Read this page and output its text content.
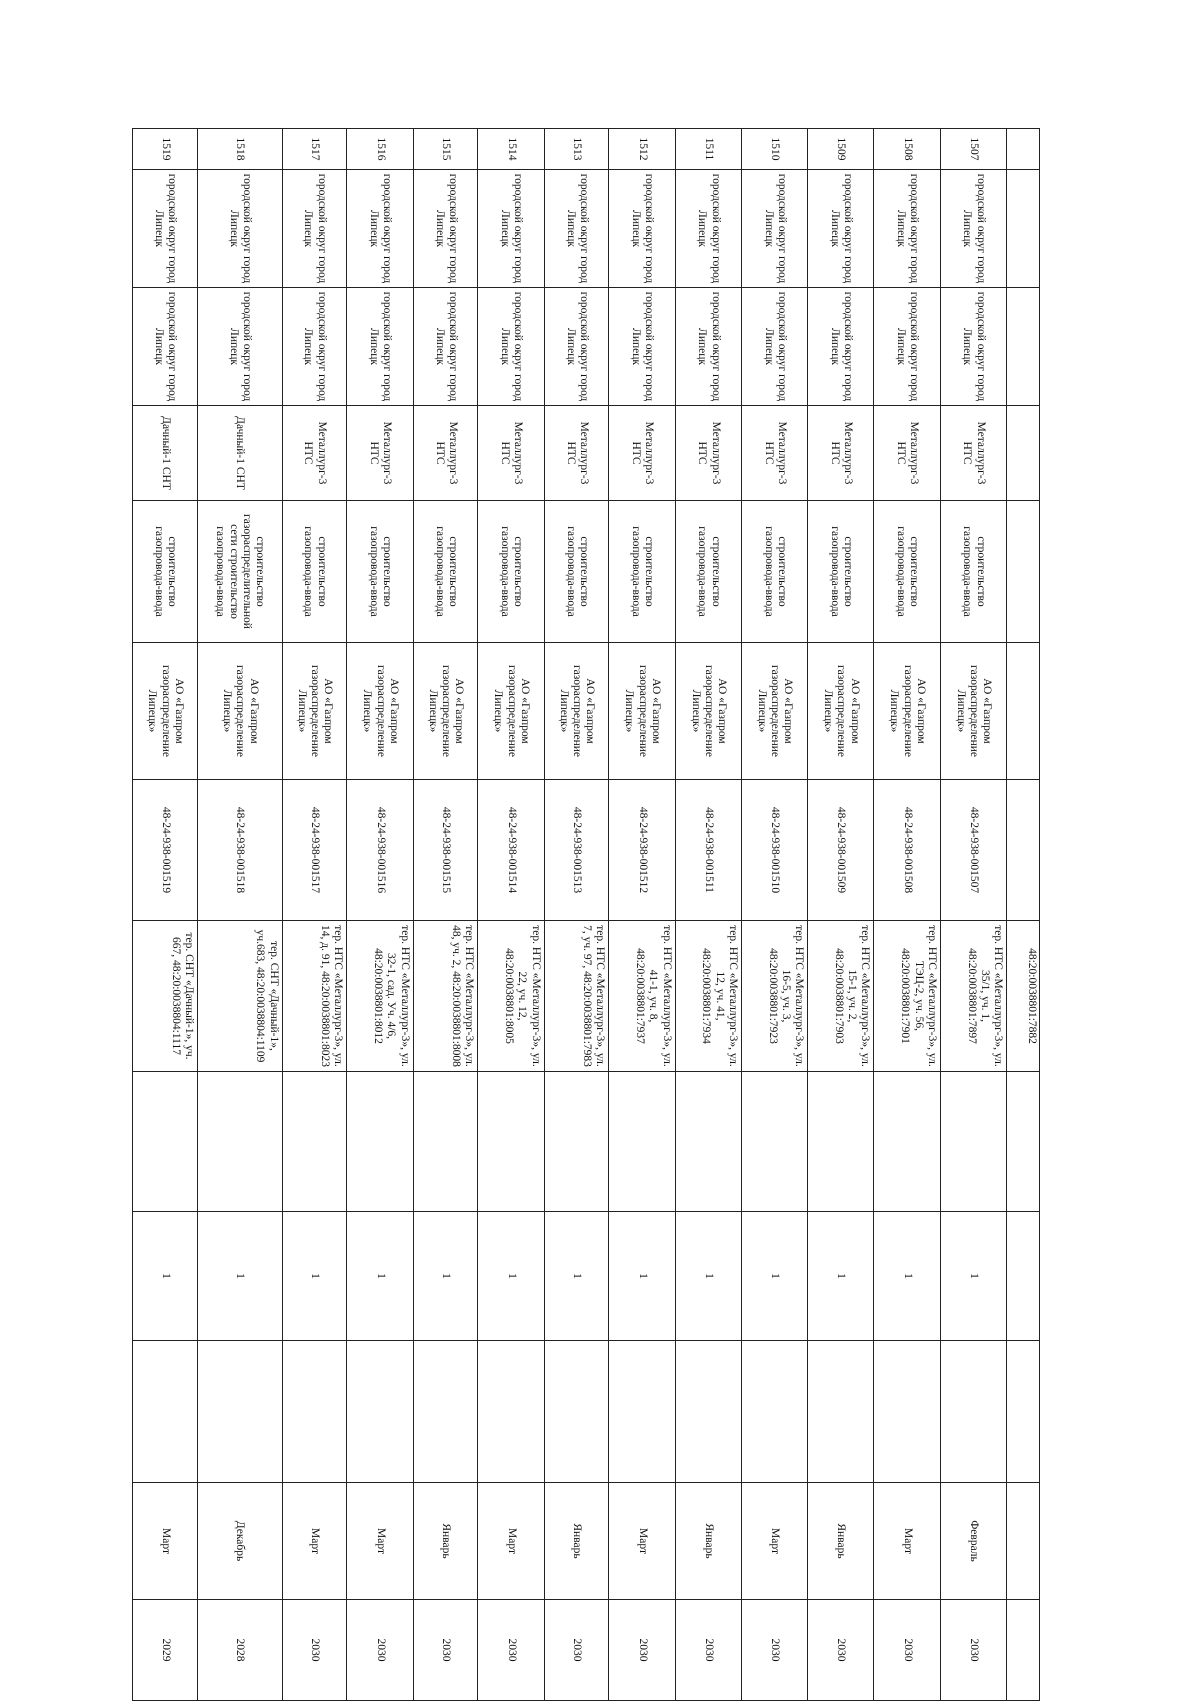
							48:20:0038801:7882					
1507	городской округ город Липецк	городской округ город Липецк	Металлург-3 НТС	строительство газопровода-ввода	АО «Газпром газораспределение Липецк»	48-24-938-001507	тер. НТС «Металлург-3», ул. 35/1, уч. 1, 48:20:0038801:7897		1		Февраль	2030
1508	городской округ город Липецк	городской округ город Липецк	Металлург-3 НТС	строительство газопровода-ввода	АО «Газпром газораспределение Липецк»	48-24-938-001508	тер. НТС «Металлург-3», ул. ТЭЦ-2, уч. 56, 48:20:0038801:7901		1		Март	2030
1509	городской округ город Липецк	городской округ город Липецк	Металлург-3 НТС	строительство газопровода-ввода	АО «Газпром газораспределение Липецк»	48-24-938-001509	тер. НТС «Металлург-3», ул. 15-1, уч. 2, 48:20:0038801:7903		1		Январь	2030
1510	городской округ город Липецк	городской округ город Липецк	Металлург-3 НТС	строительство газопровода-ввода	АО «Газпром газораспределение Липецк»	48-24-938-001510	тер. НТС «Металлург-3», ул. 16-5, уч. 3, 48:20:0038801:7923		1		Март	2030
1511	городской округ город Липецк	городской округ город Липецк	Металлург-3 НТС	строительство газопровода-ввода	АО «Газпром газораспределение Липецк»	48-24-938-001511	тер. НТС «Металлург-3», ул. 12, уч. 41, 48:20:0038801:7934		1		Январь	2030
1512	городской округ город Липецк	городской округ город Липецк	Металлург-3 НТС	строительство газопровода-ввода	АО «Газпром газораспределение Липецк»	48-24-938-001512	тер. НТС «Металлург-3», ул. 41-1, уч. 8, 48:20:0038801:7937		1		Март	2030
1513	городской округ город Липецк	городской округ город Липецк	Металлург-3 НТС	строительство газопровода-ввода	АО «Газпром газораспределение Липецк»	48-24-938-001513	тер. НТС «Металлург-3», ул. 7, уч. 97, 48:20:0038801:7983		1		Январь	2030
1514	городской округ город Липецк	городской округ город Липецк	Металлург-3 НТС	строительство газопровода-ввода	АО «Газпром газораспределение Липецк»	48-24-938-001514	тер. НТС «Металлург-3», ул. 22, уч. 12, 48:20:0038801:8005		1		Март	2030
1515	городской округ город Липецк	городской округ город Липецк	Металлург-3 НТС	строительство газопровода-ввода	АО «Газпром газораспределение Липецк»	48-24-938-001515	тер. НТС «Металлург-3», ул. 48, уч. 2, 48:20:0038801:8008		1		Январь	2030
1516	городской округ город Липецк	городской округ город Липецк	Металлург-3 НТС	строительство газопровода-ввода	АО «Газпром газораспределение Липецк»	48-24-938-001516	тер. НТС «Металлург-3», ул. 32-1, сад. Уч. 4/6, 48:20:0038801:8012		1		Март	2030
1517	городской округ город Липецк	городской округ город Липецк	Металлург-3 НТС	строительство газопровода-ввода	АО «Газпром газораспределение Липецк»	48-24-938-001517	тер. НТС «Металлург-3», ул. 14, д. 91, 48:20:0038801:8023		1		Март	2030
1518	городской округ город Липецк	городской округ город Липецк	Дачный-1 СНТ	строительство газораспределительной сети строительство газопровода-ввода	АО «Газпром газораспределение Липецк»	48-24-938-001518	тер. СНТ «Дачный-1», уч.683, 48:20:0038804:1109		1		Декабрь	2028
1519	городской округ город Липецк	городской округ город Липецк	Дачный-1 СНТ	строительство газопровода-ввода	АО «Газпром газораспределение Липецк»	48-24-938-001519	тер. СНТ «Дачный-1», уч. 667, 48:20:0038804:1117		1		Март	2029
